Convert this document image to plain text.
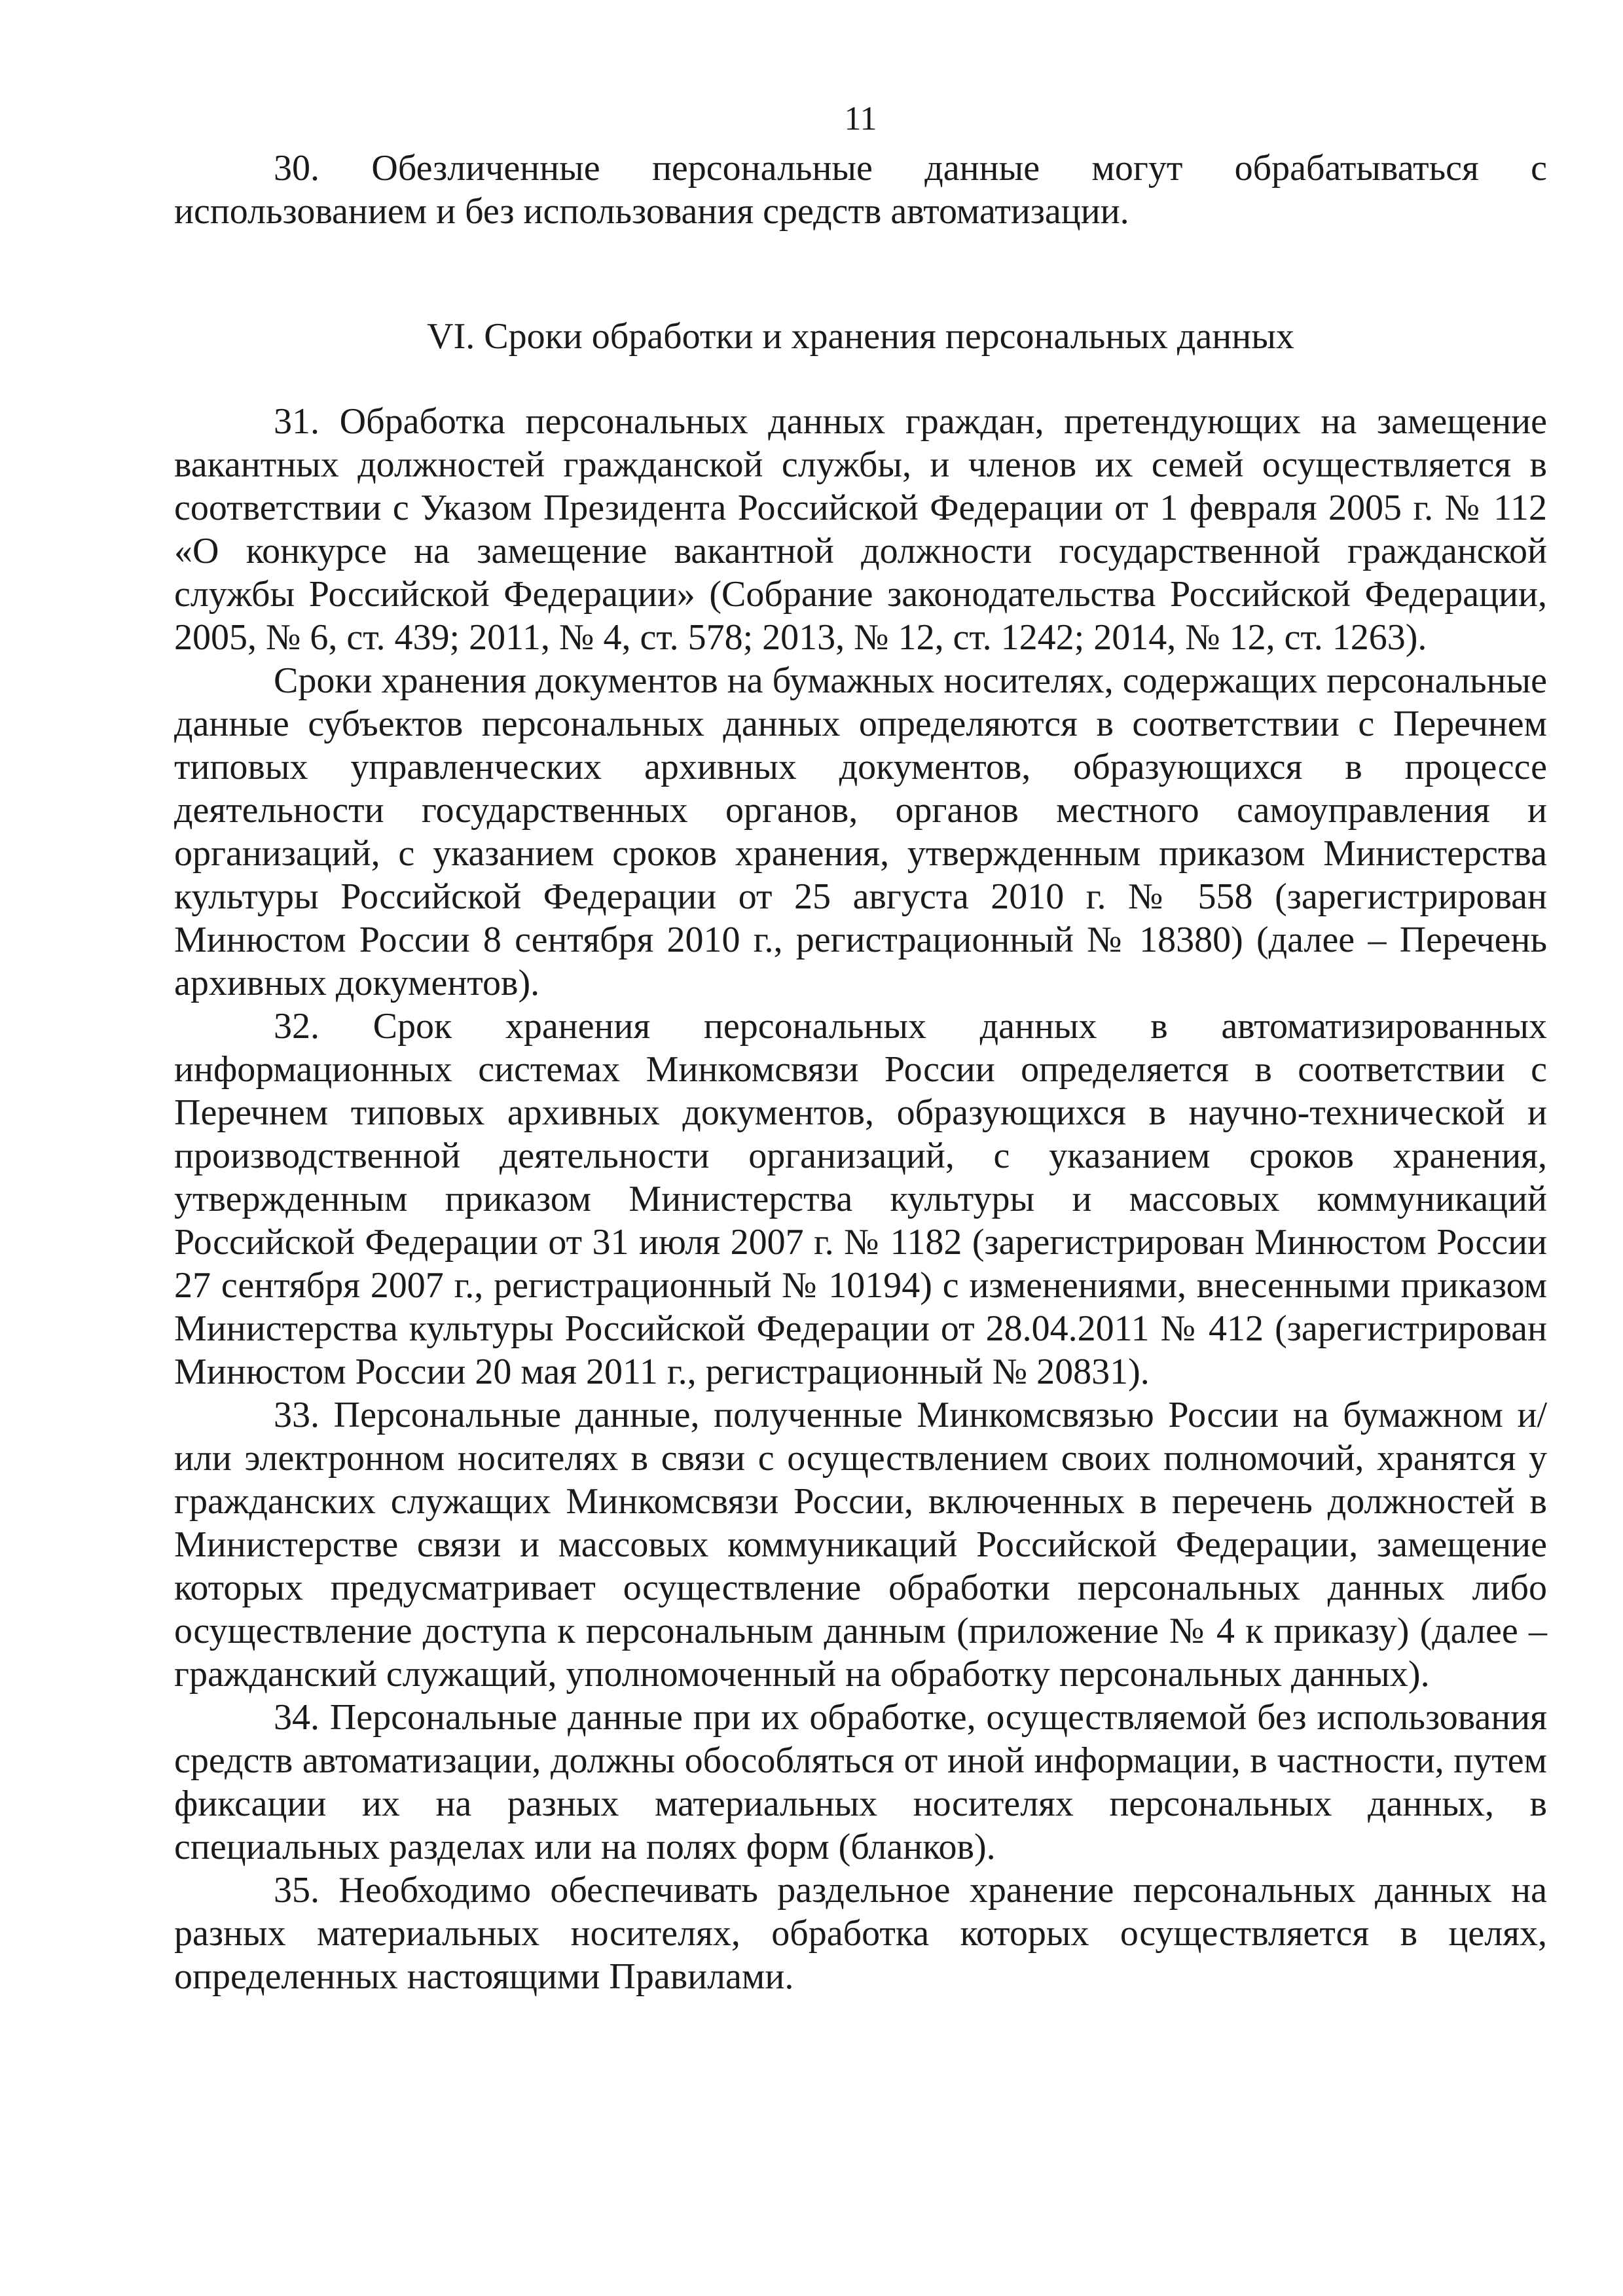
11

30. Обезличенные персональные данные могут обрабатываться с использованием и без использования средств автоматизации.

VI. Сроки обработки и хранения персональных данных

31. Обработка персональных данных граждан, претендующих на замещение вакантных должностей гражданской службы, и членов их семей осуществляется в соответствии с Указом Президента Российской Федерации от 1 февраля 2005 г. № 112 «О конкурсе на замещение вакантной должности государственной гражданской службы Российской Федерации» (Собрание законодательства Российской Федерации, 2005, № 6, ст. 439; 2011, № 4, ст. 578; 2013, № 12, ст. 1242; 2014, № 12, ст. 1263).

Сроки хранения документов на бумажных носителях, содержащих персональные данные субъектов персональных данных определяются в соответствии с Перечнем типовых управленческих архивных документов, образующихся в процессе деятельности государственных органов, органов местного самоуправления и организаций, с указанием сроков хранения, утвержденным приказом Министерства культуры Российской Федерации от 25 августа 2010 г. № 558 (зарегистрирован Минюстом России 8 сентября 2010 г., регистрационный № 18380) (далее – Перечень архивных документов).

32. Срок хранения персональных данных в автоматизированных информационных системах Минкомсвязи России определяется в соответствии с Перечнем типовых архивных документов, образующихся в научно-технической и производственной деятельности организаций, с указанием сроков хранения, утвержденным приказом Министерства культуры и массовых коммуникаций Российской Федерации от 31 июля 2007 г. № 1182 (зарегистрирован Минюстом России 27 сентября 2007 г., регистрационный № 10194) с изменениями, внесенными приказом Министерства культуры Российской Федерации от 28.04.2011 № 412 (зарегистрирован Минюстом России 20 мая 2011 г., регистрационный № 20831).

33. Персональные данные, полученные Минкомсвязью России на бумажном и/или электронном носителях в связи с осуществлением своих полномочий, хранятся у гражданских служащих Минкомсвязи России, включенных в перечень должностей в Министерстве связи и массовых коммуникаций Российской Федерации, замещение которых предусматривает осуществление обработки персональных данных либо осуществление доступа к персональным данным (приложение № 4 к приказу) (далее – гражданский служащий, уполномоченный на обработку персональных данных).

34. Персональные данные при их обработке, осуществляемой без использования средств автоматизации, должны обособляться от иной информации, в частности, путем фиксации их на разных материальных носителях персональных данных, в специальных разделах или на полях форм (бланков).

35. Необходимо обеспечивать раздельное хранение персональных данных на разных материальных носителях, обработка которых осуществляется в целях, определенных настоящими Правилами.
